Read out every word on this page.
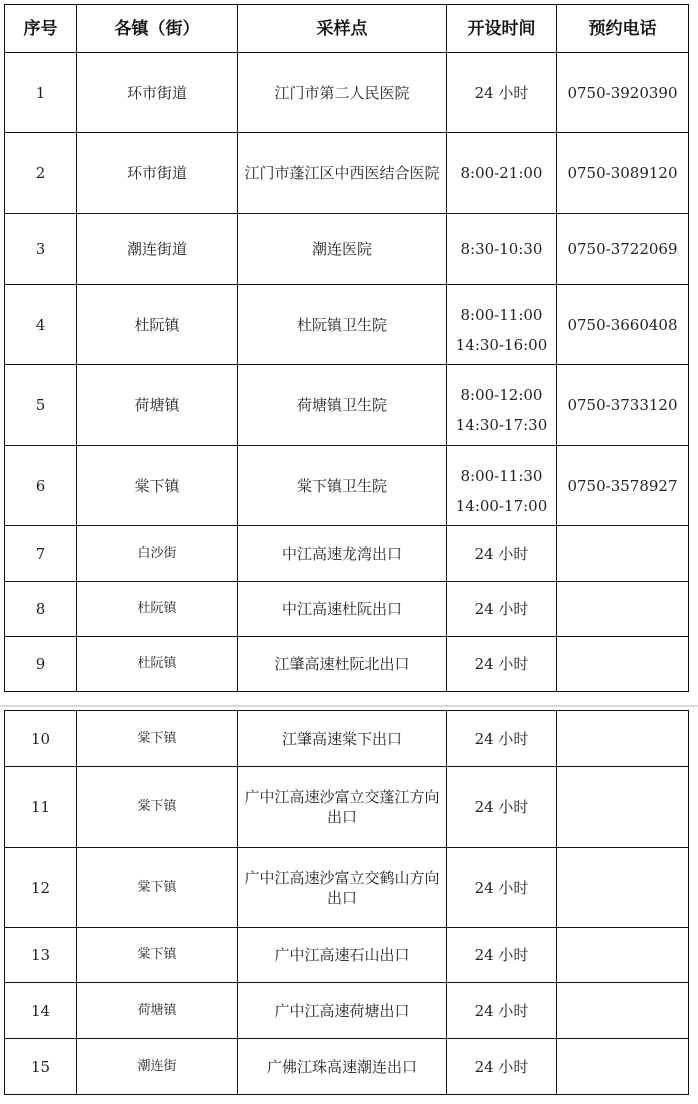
序号	各镇（街）	采样点	开设时间	预约电话
1	环市街道	江门市第二人民医院	24 小时	0750-3920390
2	环市街道	江门市蓬江区中西医结合医院	8:00-21:00	0750-3089120
3	潮连街道	潮连医院	8:30-10:30	0750-3722069
4	杜阮镇	杜阮镇卫生院	8:00-11:00
14:30-16:00	0750-3660408
5	荷塘镇	荷塘镇卫生院	8:00-12:00
14:30-17:30	0750-3733120
6	棠下镇	棠下镇卫生院	8:00-11:30
14:00-17:00	0750-3578927
7	白沙街	中江高速龙湾出口	24 小时	
8	杜阮镇	中江高速杜阮出口	24 小时	
9	杜阮镇	江肇高速杜阮北出口	24 小时	
10	棠下镇	江肇高速棠下出口	24 小时	
11	棠下镇	广中江高速沙富立交蓬江方向出口	24 小时	
12	棠下镇	广中江高速沙富立交鹤山方向出口	24 小时	
13	棠下镇	广中江高速石山出口	24 小时	
14	荷塘镇	广中江高速荷塘出口	24 小时	
15	潮连街	广佛江珠高速潮连出口	24 小时	
